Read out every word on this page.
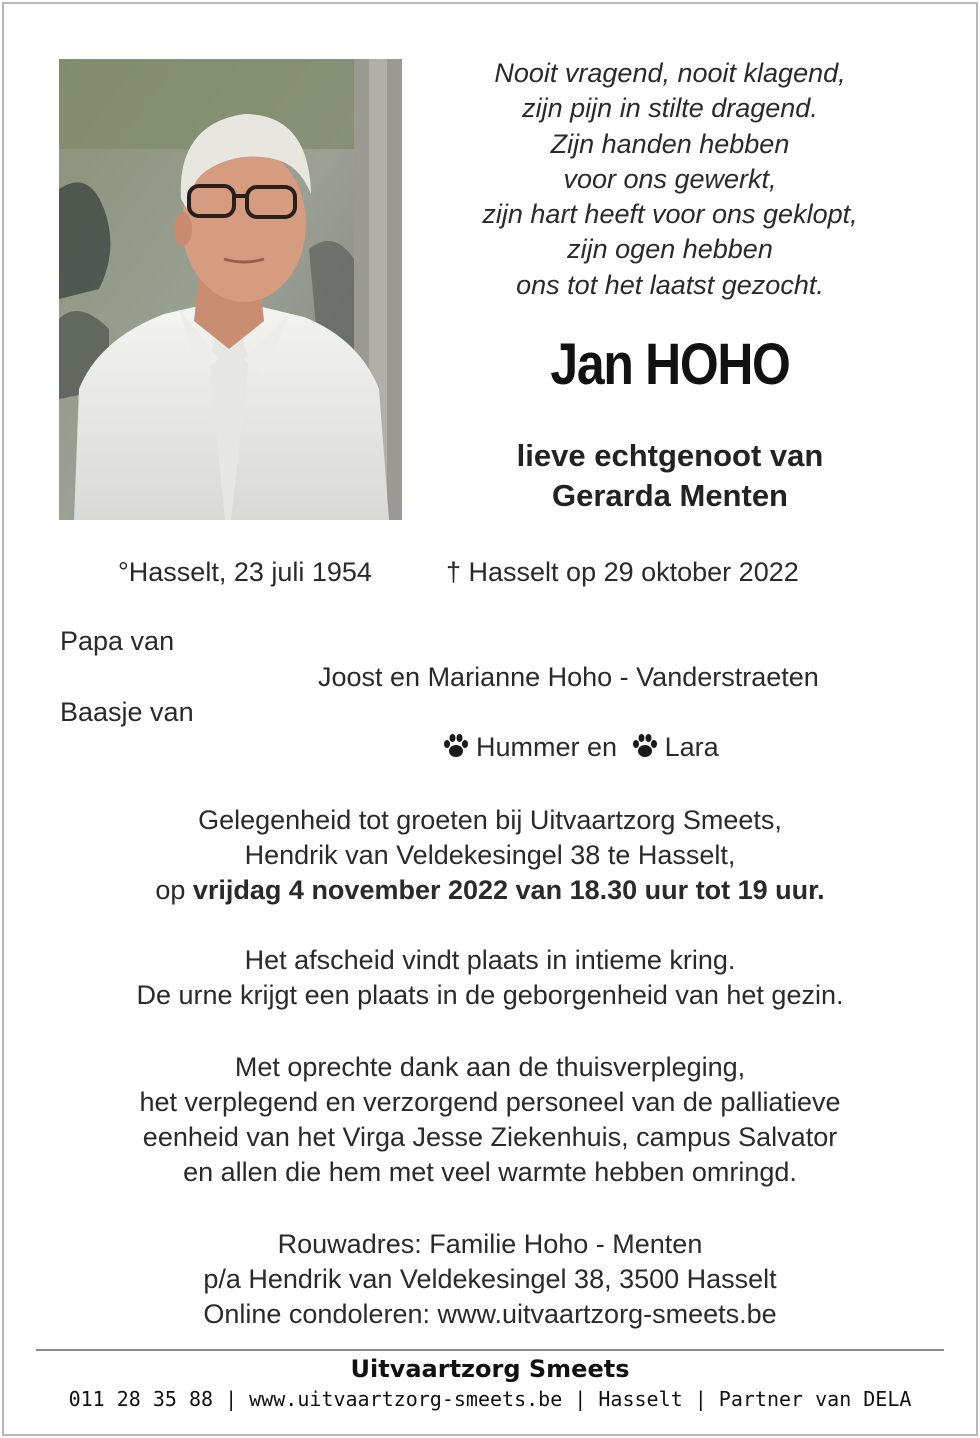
Nooit vragend, nooit klagend,
zijn pijn in stilte dragend.
Zijn handen hebben
voor ons gewerkt,
zijn hart heeft voor ons geklopt,
zijn ogen hebben
ons tot het laatst gezocht.
Jan HOHO
lieve echtgenoot van
Gerarda Menten
°Hasselt, 23 juli 1954	† Hasselt op 29 oktober 2022
Papa van
Joost en Marianne Hoho - Vanderstraeten
Baasje van
Hummer en Lara
Gelegenheid tot groeten bij Uitvaartzorg Smeets,
Hendrik van Veldekesingel 38 te Hasselt,
op vrijdag 4 november 2022 van 18.30 uur tot 19 uur.
Het afscheid vindt plaats in intieme kring.
De urne krijgt een plaats in de geborgenheid van het gezin.
Met oprechte dank aan de thuisverpleging,
het verplegend en verzorgend personeel van de palliatieve
eenheid van het Virga Jesse Ziekenhuis, campus Salvator
en allen die hem met veel warmte hebben omringd.
Rouwadres: Familie Hoho - Menten
p/a Hendrik van Veldekesingel 38, 3500 Hasselt
Online condoleren: www.uitvaartzorg-smeets.be
Uitvaartzorg Smeets
011 28 35 88 | www.uitvaartzorg-smeets.be | Hasselt | Partner van DELA
